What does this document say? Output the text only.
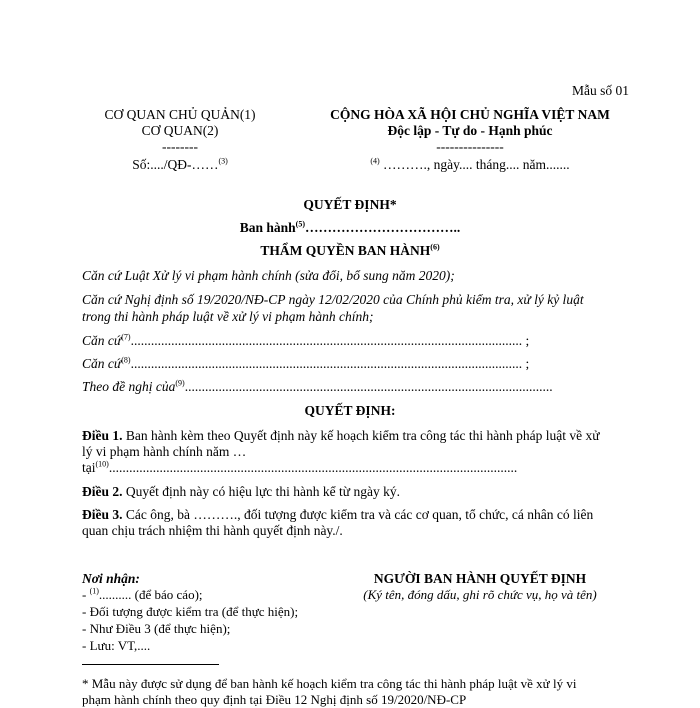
Mẫu số 01
CƠ QUAN CHỦ QUẢN(1)
CƠ QUAN(2)
--------
Số:..../QĐ-……$^{(3)}$
CỘNG HÒA XÃ HỘI CHỦ NGHĨA VIỆT NAM
Độc lập - Tự do - Hạnh phúc
---------------
$^{(4)}$ ………., ngày.... tháng.... năm.......
QUYẾT ĐỊNH*
Ban hành$^{(5)}$……………………………..
THẨM QUYỀN BAN HÀNH$^{(6)}$
Căn cứ Luật Xử lý vi phạm hành chính (sửa đổi, bổ sung năm 2020);
Căn cứ Nghị định số 19/2020/NĐ-CP ngày 12/02/2020 của Chính phủ kiểm tra, xử lý kỷ luật
trong thi hành pháp luật về xử lý vi phạm hành chính;
Căn cứ$^{(7)}$.................................................................................................................... ;
Căn cứ$^{(8)}$.................................................................................................................... ;
Theo đề nghị của$^{(9)}$.............................................................................................................
QUYẾT ĐỊNH:
Điều 1. Ban hành kèm theo Quyết định này kế hoạch kiểm tra công tác thi hành pháp luật về xử
lý vi phạm hành chính năm …
tại$^{(10)}$.........................................................................................................................
Điều 2. Quyết định này có hiệu lực thi hành kể từ ngày ký.
Điều 3. Các ông, bà ………., đối tượng được kiểm tra và các cơ quan, tổ chức, cá nhân có liên
quan chịu trách nhiệm thi hành quyết định này./.
Nơi nhận:
- $^{(1)}$.......... (để báo cáo);
- Đối tượng được kiểm tra (để thực hiện);
- Như Điều 3 (để thực hiện);
- Lưu: VT,....
NGƯỜI BAN HÀNH QUYẾT ĐỊNH
(Ký tên, đóng dấu, ghi rõ chức vụ, họ và tên)
* Mẫu này được sử dụng để ban hành kế hoạch kiểm tra công tác thi hành pháp luật về xử lý vi
phạm hành chính theo quy định tại Điều 12 Nghị định số 19/2020/NĐ-CP
